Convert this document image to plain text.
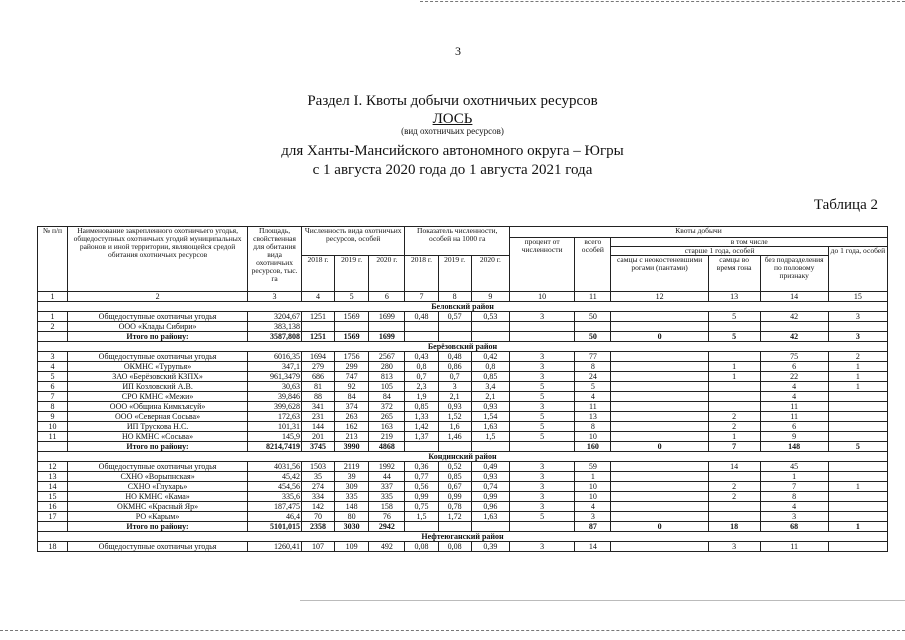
3
Раздел I. Квоты добычи охотничьих ресурсов
ЛОСЬ
(вид охотничьих ресурсов)
для Ханты-Мансийского автономного округа – Югры
с 1 августа 2020 года до 1 августа 2021 года
Таблица 2
№ п/п	Наименование закрепленного охотничьего угодья, общедоступных охотничьих угодий муниципальных районов и иной территории, являющейся средой обитания охотничьих ресурсов	Площадь, свойственная для обитания вида охотничьих ресурсов, тыс. га	Численность вида охотничьих ресурсов, особей			Показатель численности, особей на 1000 га			Квоты добычи					
									процент от численности	всего особей	в том числе			
											старше 1 года, особей			до 1 года, особей
			2018 г.	2019 г.	2020 г.	2018 г.	2019 г.	2020 г.			самцы с неокостеневшими рогами (пантами)	самцы во время гона	без подразделения по половому признаку	
1	2	3	4	5	6	7	8	9	10	11	12	13	14	15
Беловский район														
1	Общедоступные охотничьи угодья	3204,67	1251	1569	1699	0,48	0,57	0,53	3	50		5	42	3
2	ООО «Клады Сибири»	383,138												
	Итого по району:	3587,808	1251	1569	1699					50	0	5	42	3
Берёзовский район														
3	Общедоступные охотничьи угодья	6016,35	1694	1756	2567	0,43	0,48	0,42	3	77			75	2
4	ОКМНС «Турупья»	347,1	279	299	280	0,8	0,86	0,8	3	8		1	6	1
5	ЗАО «Берёзовский КЗПХ»	961,3479	686	747	813	0,7	0,7	0,85	3	24		1	22	1
6	ИП Козловский А.В.	30,63	81	92	105	2,3	3	3,4	5	5			4	1
7	СРО КМНС «Межи»	39,846	88	84	84	1,9	2,1	2,1	5	4			4	
8	ООО «Община Кимкъясуй»	399,628	341	374	372	0,85	0,93	0,93	3	11			11	
9	ООО «Северная Сосьва»	172,63	231	263	265	1,33	1,52	1,54	5	13		2	11	
10	ИП Трускова Н.С.	101,31	144	162	163	1,42	1,6	1,63	5	8		2	6	
11	НО КМНС «Сосьва»	145,9	201	213	219	1,37	1,46	1,5	5	10		1	9	
	Итого по району:	8214,7419	3745	3990	4868					160	0	7	148	5
Кондинский район														
12	Общедоступные охотничьи угодья	4031,56	1503	2119	1992	0,36	0,52	0,49	3	59		14	45	
13	СХНО «Ворыпнская»	45,42	35	39	44	0,77	0,85	0,93	3	1			1	
14	СХНО «Глухарь»	454,56	274	309	337	0,56	0,67	0,74	3	10		2	7	1
15	НО КМНС «Кама»	335,6	334	335	335	0,99	0,99	0,99	3	10		2	8	
16	ОКМНС «Красный Яр»	187,475	142	148	158	0,75	0,78	0,96	3	4			4	
17	РО «Карым»	46,4	70	80	76	1,5	1,72	1,63	5	3			3	
	Итого по району:	5101,015	2358	3030	2942					87	0	18	68	1
Нефтеюганский район														
18	Общедоступные охотничьи угодья	1260,41	107	109	492	0,08	0,08	0,39	3	14		3	11	
